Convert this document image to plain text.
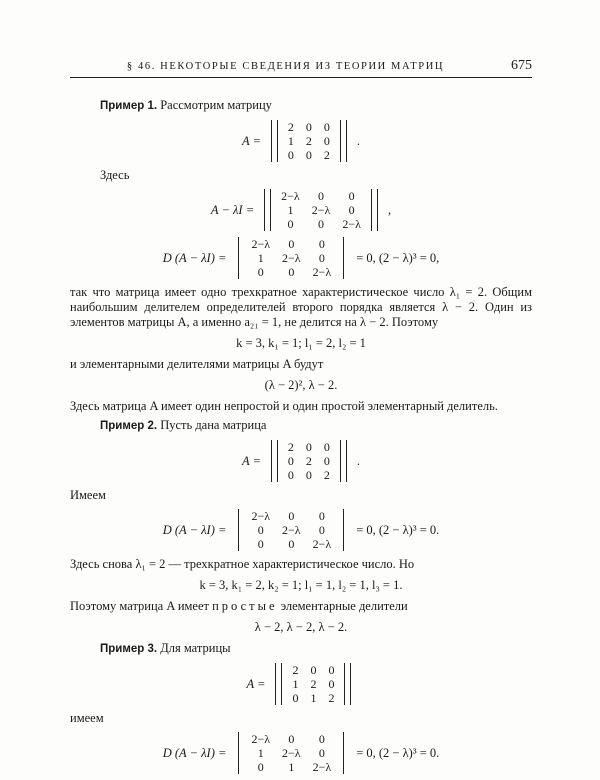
§ 46. НЕКОТОРЫЕ СВЕДЕНИЯ ИЗ ТЕОРИИ МАТРИЦ	675

Пример 1. Рассмотрим матрицу

A =
2	0	0
1	2	0
0	0	2
.

Здесь

A − λI =
2−λ	0	0
1	2−λ	0
0	0	2−λ
,
D (A − λI) =
2−λ	0	0
1	2−λ	0
0	0	2−λ
= 0, (2 − λ)³ = 0,

так что матрица имеет одно трехкратное характеристическое число λ₁ = 2. Общим наибольшим делителем определителей второго порядка является λ − 2. Один из элементов матрицы A, а именно a₂₁ = 1, не делится на λ − 2. Поэтому

k = 3, k₁ = 1; l₁ = 2, l₂ = 1

и элементарными делителями матрицы A будут

(λ − 2)², λ − 2.

Здесь матрица A имеет один непростой и один простой элементарный делитель.

Пример 2. Пусть дана матрица

A =
2	0	0
0	2	0
0	0	2
.

Имеем

D (A − λI) =
2−λ	0	0
0	2−λ	0
0	0	2−λ
= 0, (2 − λ)³ = 0.

Здесь снова λ₁ = 2 — трехкратное характеристическое число. Но

k = 3, k₁ = 2, k₂ = 1; l₁ = 1, l₂ = 1, l₃ = 1.

Поэтому матрица A имеет простые элементарные делители

λ − 2, λ − 2, λ − 2.

Пример 3. Для матрицы

A =
2	0	0
1	2	0
0	1	2

имеем

D (A − λI) =
2−λ	0	0
1	2−λ	0
0	1	2−λ
= 0, (2 − λ)³ = 0.
